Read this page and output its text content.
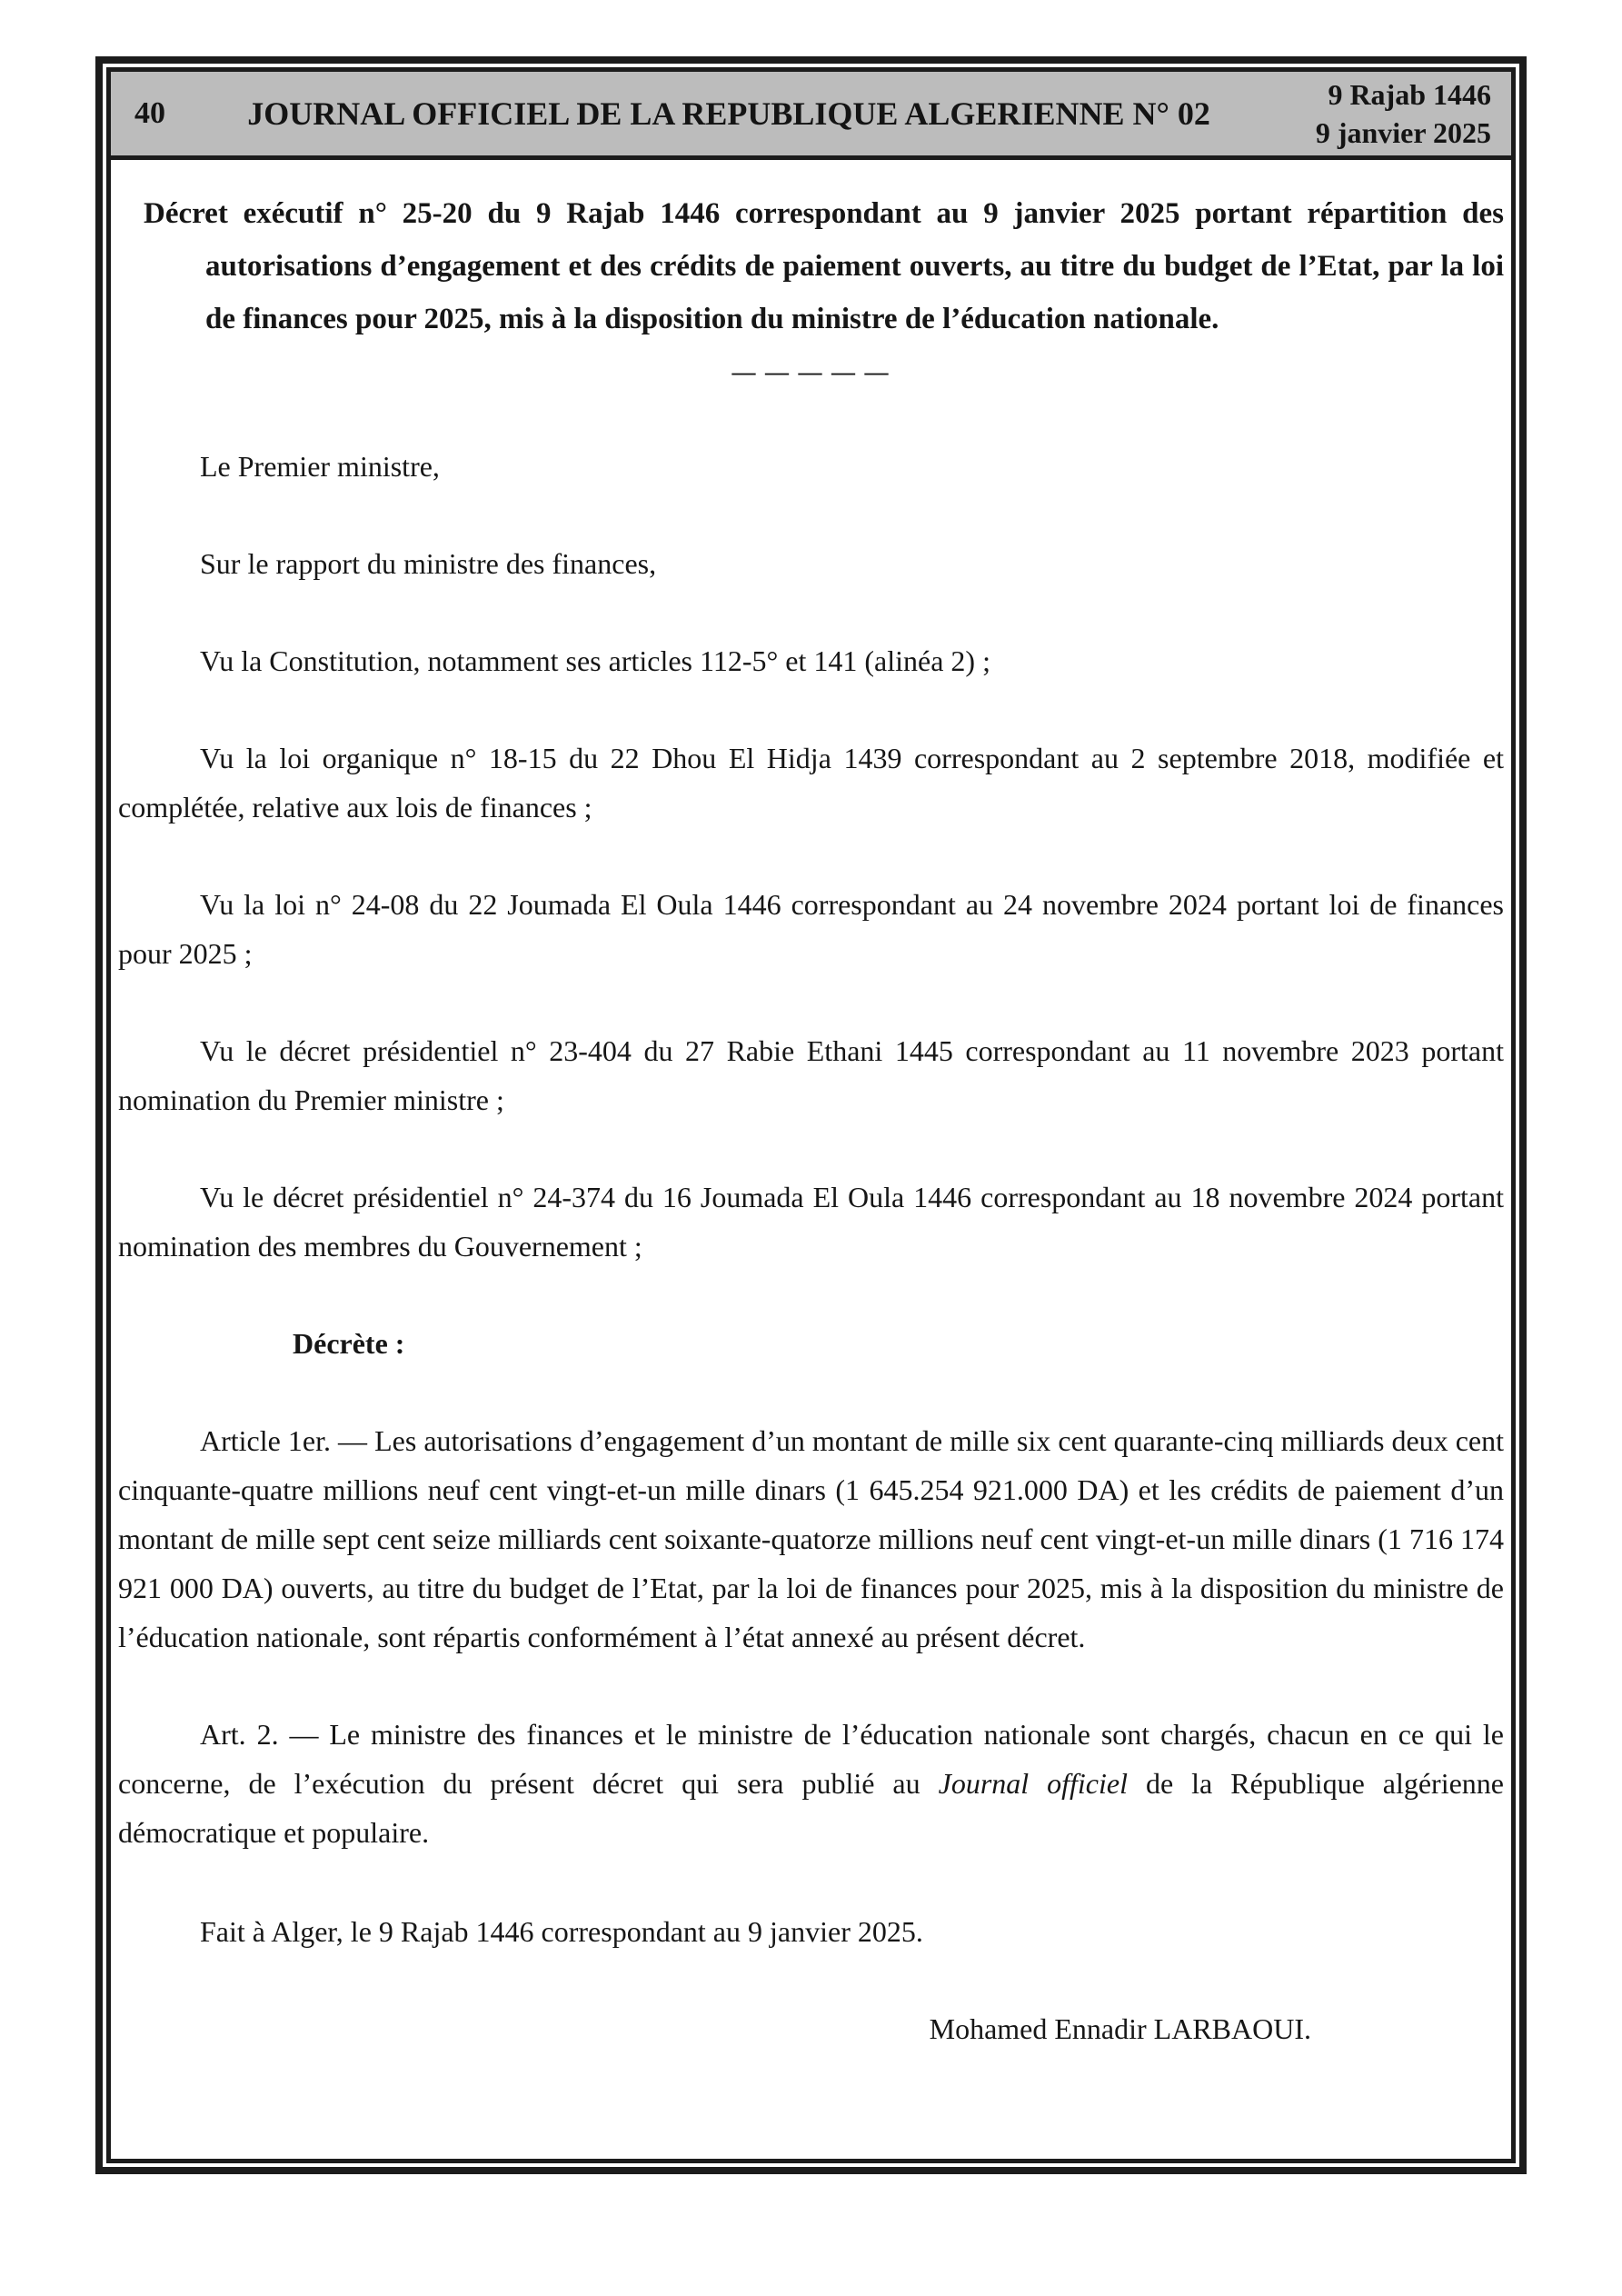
40	JOURNAL OFFICIEL DE LA REPUBLIQUE ALGERIENNE N° 02
9 Rajab 1446
9 janvier 2025

Décret exécutif n° 25-20 du 9 Rajab 1446 correspondant au 9 janvier 2025 portant répartition des autorisations d’engagement et des crédits de paiement ouverts, au titre du budget de l’Etat, par la loi de finances pour 2025, mis à la disposition du ministre de l’éducation nationale.

— — — — —

Le Premier ministre,

Sur le rapport du ministre des finances,

Vu la Constitution, notamment ses articles 112-5° et 141 (alinéa 2) ;

Vu la loi organique n° 18-15 du 22 Dhou El Hidja 1439 correspondant au 2 septembre 2018, modifiée et complétée, relative aux lois de finances ;

Vu la loi n° 24-08 du 22 Joumada El Oula 1446 correspondant au 24 novembre 2024 portant loi de finances pour 2025 ;

Vu le décret présidentiel n° 23-404 du 27 Rabie Ethani 1445 correspondant au 11 novembre 2023 portant nomination du Premier ministre ;

Vu le décret présidentiel n° 24-374 du 16 Joumada El Oula 1446 correspondant au 18 novembre 2024 portant nomination des membres du Gouvernement ;

Décrète :

Article 1er. — Les autorisations d’engagement d’un montant de mille six cent quarante-cinq milliards deux cent cinquante-quatre millions neuf cent vingt-et-un mille dinars (1 645.254 921.000 DA) et les crédits de paiement d’un montant de mille sept cent seize milliards cent soixante-quatorze millions neuf cent vingt-et-un mille dinars (1 716 174 921 000 DA) ouverts, au titre du budget de l’Etat, par la loi de finances pour 2025, mis à la disposition du ministre de l’éducation nationale, sont répartis conformément à l’état annexé au présent décret.

Art. 2. — Le ministre des finances et le ministre de l’éducation nationale sont chargés, chacun en ce qui le concerne, de l’exécution du présent décret qui sera publié au Journal officiel de la République algérienne démocratique et populaire.

Fait à Alger, le 9 Rajab 1446 correspondant au 9 janvier 2025.

Mohamed Ennadir LARBAOUI.
